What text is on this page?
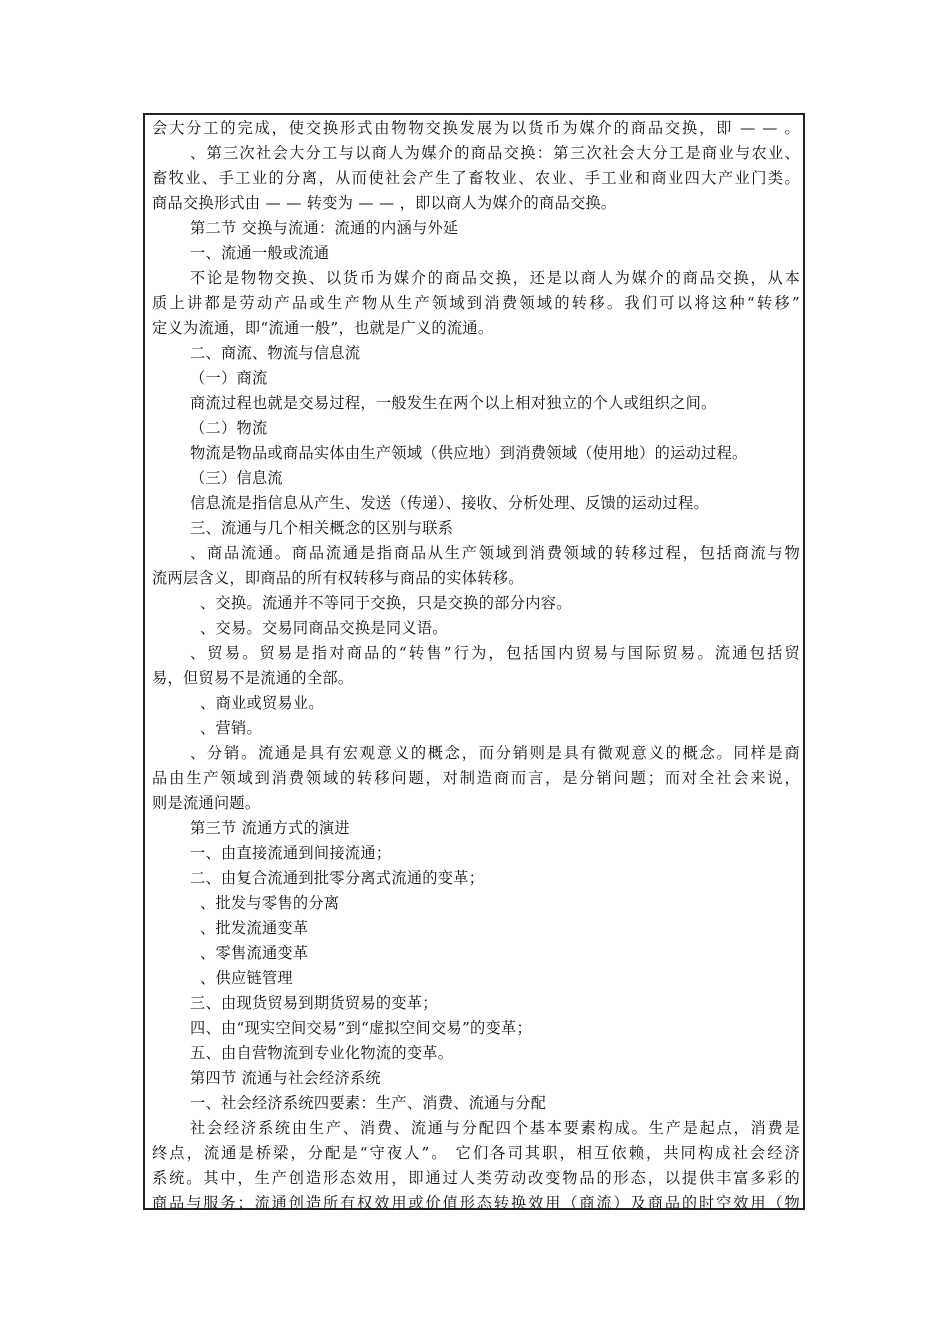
会大分工的完成，使交换形式由物物交换发展为以货币为媒介的商品交换，即 — — 。
、第三次社会大分工与以商人为媒介的商品交换：第三次社会大分工是商业与农业、
畜牧业、手工业的分离，从而使社会产生了畜牧业、农业、手工业和商业四大产业门类。
商品交换形式由 — — 转变为 — — ，即以商人为媒介的商品交换。
第二节 交换与流通：流通的内涵与外延
一、流通一般或流通
不论是物物交换、以货币为媒介的商品交换，还是以商人为媒介的商品交换，从本
质上讲都是劳动产品或生产物从生产领域到消费领域的转移。我们可以将这种“转移”
定义为流通，即“流通一般”，也就是广义的流通。
二、商流、物流与信息流
（一）商流
商流过程也就是交易过程，一般发生在两个以上相对独立的个人或组织之间。
（二）物流
物流是物品或商品实体由生产领域（供应地）到消费领域（使用地）的运动过程。
（三）信息流
信息流是指信息从产生、发送（传递）、接收、分析处理、反馈的运动过程。
三、流通与几个相关概念的区别与联系
、商品流通。商品流通是指商品从生产领域到消费领域的转移过程，包括商流与物
流两层含义，即商品的所有权转移与商品的实体转移。
、交换。流通并不等同于交换，只是交换的部分内容。
、交易。交易同商品交换是同义语。
、贸易。贸易是指对商品的“转售”行为，包括国内贸易与国际贸易。流通包括贸
易，但贸易不是流通的全部。
、商业或贸易业。
、营销。
、分销。流通是具有宏观意义的概念，而分销则是具有微观意义的概念。同样是商
品由生产领域到消费领域的转移问题，对制造商而言，是分销问题；而对全社会来说，
则是流通问题。
第三节 流通方式的演进
一、由直接流通到间接流通；
二、由复合流通到批零分离式流通的变革；
、批发与零售的分离
、批发流通变革
、零售流通变革
、供应链管理
三、由现货贸易到期货贸易的变革；
四、由“现实空间交易”到“虚拟空间交易”的变革；
五、由自营物流到专业化物流的变革。
第四节 流通与社会经济系统
一、社会经济系统四要素：生产、消费、流通与分配
社会经济系统由生产、消费、流通与分配四个基本要素构成。生产是起点，消费是
终点，流通是桥梁，分配是“守夜人”。 它们各司其职，相互依赖，共同构成社会经济
系统。其中，生产创造形态效用，即通过人类劳动改变物品的形态，以提供丰富多彩的
商品与服务；流通创造所有权效用或价值形态转换效用（商流）及商品的时空效用（物
